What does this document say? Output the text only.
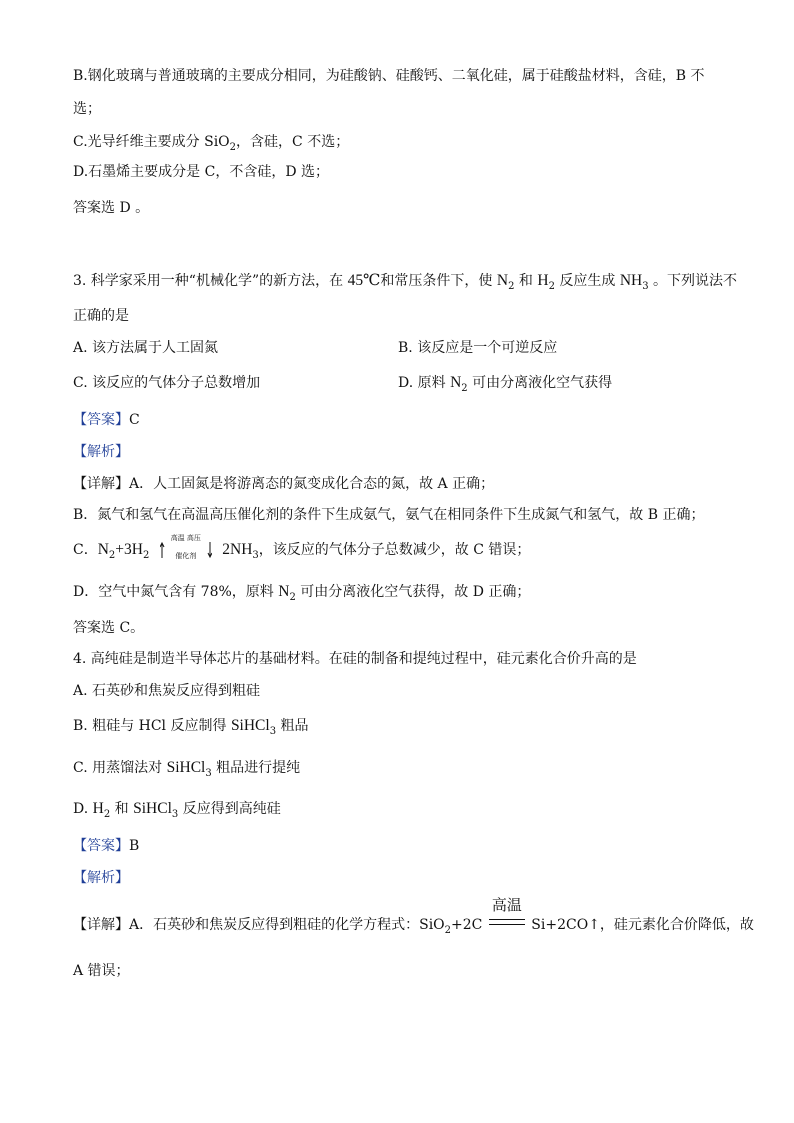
B.钢化玻璃与普通玻璃的主要成分相同，为硅酸钠、硅酸钙、二氧化硅，属于硅酸盐材料，含硅，B 不
选；
C.光导纤维主要成分 SiO$_2$，含硅，C 不选；
D.石墨烯主要成分是 C，不含硅，D 选；
答案选 D 。
3. 科学家采用一种“机械化学”的新方法，在 45℃和常压条件下，使 $N_2$ 和 $H_2$ 反应生成 $NH_3$ 。下列说法不
正确的是
A. 该方法属于人工固氮	B. 该反应是一个可逆反应
C. 该反应的气体分子总数增加	D. 原料 $N_2$ 可由分离液化空气获得
【答案】C
【解析】
【详解】A．人工固氮是将游离态的氮变成化合态的氮，故 A 正确；
B．氮气和氢气在高温高压催化剂的条件下生成氨气，氨气在相同条件下生成氮气和氢气，故 B 正确；
C．$N_2+3H_2$
高温 高压
催化剂	$2NH_3$，该反应的气体分子总数减少，故 C 错误；
D．空气中氮气含有 78%，原料 $N_2$ 可由分离液化空气获得，故 D 正确；
答案选 C。
4. 高纯硅是制造半导体芯片的基础材料。在硅的制备和提纯过程中，硅元素化合价升高的是
A. 石英砂和焦炭反应得到粗硅
B. 粗硅与 HCl 反应制得 SiHCl$_3$ 粗品
C. 用蒸馏法对 SiHCl$_3$ 粗品进行提纯
D. $H_2$ 和 SiHCl$_3$ 反应得到高纯硅
【答案】B
【解析】
【详解】A．石英砂和焦炭反应得到粗硅的化学方程式：SiO$_2$+2C
高温
Si+2CO↑，硅元素化合价降低，故
A 错误；
